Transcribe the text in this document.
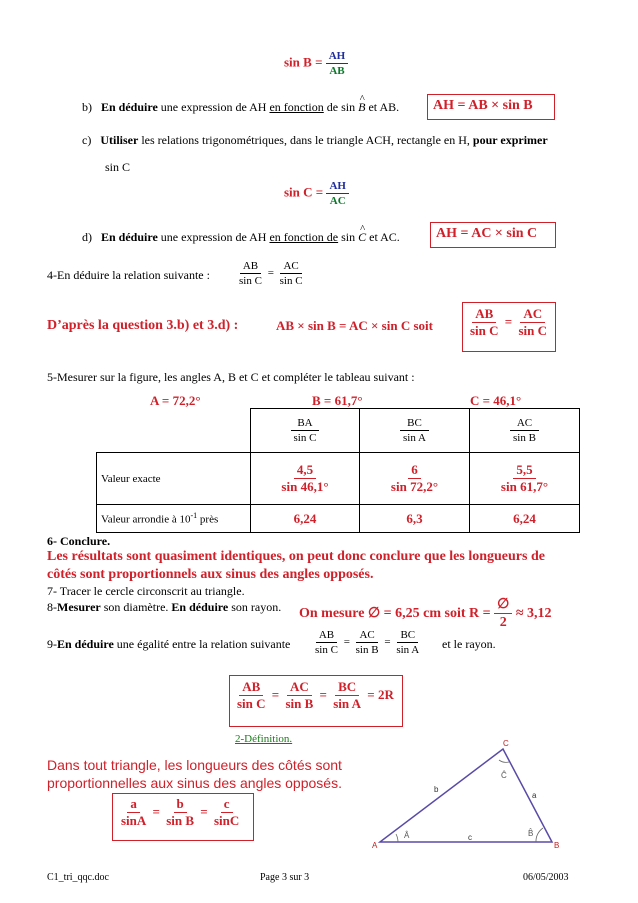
$\sin B = \frac{AH}{AB}$
b) En déduire une expression de AH en fonction de sin ^ B et AB. AH = AB × sin B
c) Utiliser les relations trigonométriques, dans le triangle ACH, rectangle en H, pour exprimer
sin C
$\sin C = \frac{AH}{AC}$
d) En déduire une expression de AH en fonction de sin ^ C et AC.	AH = AC × sin C
4-En déduire la relation suivante : $\frac{AB}{\text{sin C}} = \frac{AC}{\text{sin C}}$
D’après la question 3.b) et 3.d) :	AB × sin B = AC × sin C soit	$\frac{AB}{\text{sin C}} = \frac{AC}{\text{sin C}}$
5-Mesurer sur la figure, les angles A, B et C et compléter le tableau suivant :
A = 72,2°	B = 61,7°	C = 46,1°

	$\frac{BA}{\text{sin C}}$	$\frac{BC}{\text{sin A}}$	$\frac{AC}{\text{sin B}}$

Valeur exacte	$\frac{4,5}{\sin 46,1^\circ}$	$\frac{6}{\sin 72,2^\circ}$	$\frac{5,5}{\sin 61,7^\circ}$

Valeur arrondie à $10^{-1}$ près	6,24	6,3	6,24
6- Conclure.
Les résultats sont quasiment identiques, on peut donc conclure que les longueurs de
côtés sont proportionnels aux sinus des angles opposés.
7- Tracer le cercle circonscrit au triangle.
8-Mesurer son diamètre. En déduire son rayon. On mesure ∅ = 6,25 cm soit $R = \frac{\emptyset}{2} \approx 3,12$
9-En déduire une égalité entre la relation suivante $\frac{AB}{\text{sin C}} = \frac{AC}{\text{sin B}} = \frac{BC}{\text{sin A}}$ et le rayon.
$\frac{AB}{\text{sin C}} = \frac{AC}{\text{sin B}} = \frac{BC}{\text{sin A}} = 2R$
2-Définition.
Dans tout triangle, les longueurs des côtés sont
proportionnelles aux sinus des angles opposés.
$\frac{a}{\sin A} = \frac{b}{\text{sin B}} = \frac{c}{\sin C}$
A	B
C
b
a
c
Â	B̂
Ĉ
C1_tri_qqc.doc	Page 3 sur 3	06/05/2003
